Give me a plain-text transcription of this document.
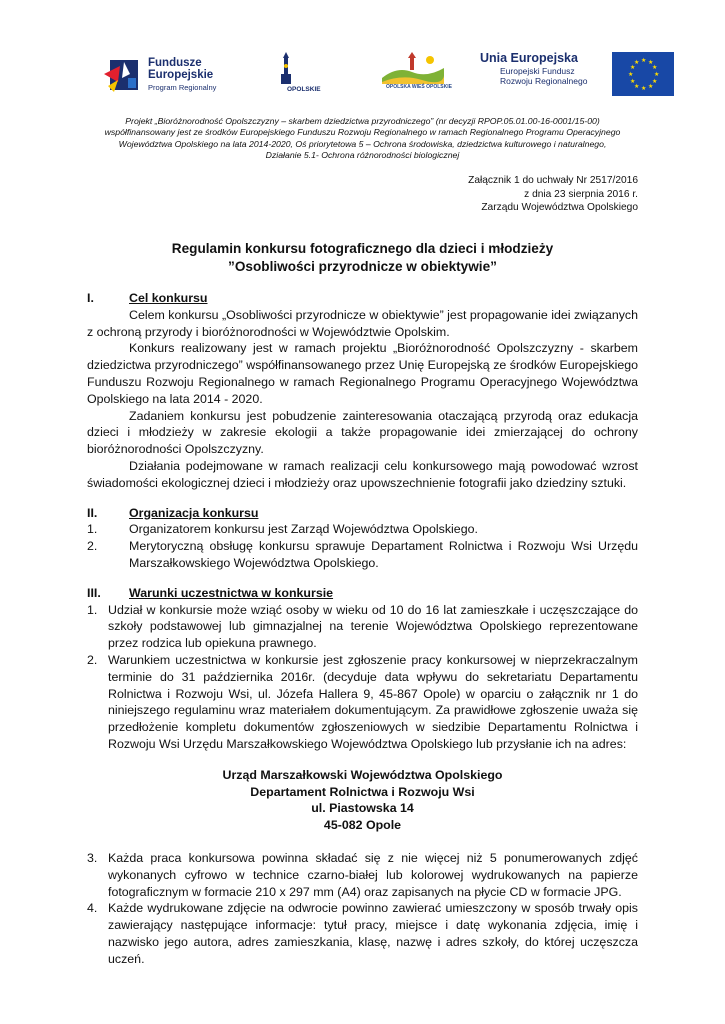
Fundusze
Europejskie
Program Regionalny	OPOLSKIE	OPOLSKA WIEŚ OPOLSKIE
Unia Europejska
Europejski Fundusz
Rozwoju Regionalnego
★ ★
★
★
★
★
★
★
★
★
★
★
Projekt „Bioróżnorodność Opolszczyzny – skarbem dziedzictwa przyrodniczego” (nr decyzji RPOP.05.01.00-16-0001/15-00)
współfinansowany jest ze środków Europejskiego Funduszu Rozwoju Regionalnego w ramach Regionalnego Programu Operacyjnego
Województwa Opolskiego na lata 2014-2020, Oś priorytetowa 5 – Ochrona środowiska, dziedzictwa kulturowego i naturalnego,
Działanie 5.1- Ochrona różnorodności biologicznej
Załącznik 1 do uchwały Nr 2517/2016
z dnia 23 sierpnia 2016 r.
Zarządu Województwa Opolskiego
Regulamin konkursu fotograficznego dla dzieci i młodzieży
”Osobliwości przyrodnicze w obiektywie”
I.	Cel konkursu

Celem konkursu „Osobliwości przyrodnicze w obiektywie” jest propagowanie idei związanych z ochroną przyrody i bioróżnorodności w Województwie Opolskim.

Konkurs realizowany jest w ramach projektu „Bioróżnorodność Opolszczyzny - skarbem dziedzictwa przyrodniczego” współfinansowanego przez Unię Europejską ze środków Europejskiego Funduszu Rozwoju Regionalnego w ramach Regionalnego Programu Operacyjnego Województwa Opolskiego na lata 2014 - 2020.

Zadaniem konkursu jest pobudzenie zainteresowania otaczającą przyrodą oraz edukacja dzieci i młodzieży w zakresie ekologii a także propagowanie idei zmierzającej do ochrony bioróżnorodności Opolszczyzny.

Działania podejmowane w ramach realizacji celu konkursowego mają powodować wzrost świadomości ekologicznej dzieci i młodzieży oraz upowszechnienie fotografii jako dziedziny sztuki.

II.	Organizacja konkursu
1.	Organizatorem konkursu jest Zarząd Województwa Opolskiego.
2.	Merytoryczną obsługę konkursu sprawuje Departament Rolnictwa i Rozwoju Wsi Urzędu Marszałkowskiego Województwa Opolskiego.
III.	Warunki uczestnictwa w konkursie
1. Udział w konkursie może wziąć osoby w wieku od 10 do 16 lat zamieszkałe i uczęszczające do szkoły podstawowej lub gimnazjalnej na terenie Województwa Opolskiego reprezentowane przez rodzica lub opiekuna prawnego.
2. Warunkiem uczestnictwa w konkursie jest zgłoszenie pracy konkursowej w nieprzekraczalnym terminie do 31 października 2016r. (decyduje data wpływu do sekretariatu Departamentu Rolnictwa i Rozwoju Wsi, ul. Józefa Hallera 9, 45-867 Opole) w oparciu o załącznik nr 1 do niniejszego regulaminu wraz materiałem dokumentującym. Za prawidłowe zgłoszenie uważa się przedłożenie kompletu dokumentów zgłoszeniowych w siedzibie Departamentu Rolnictwa i Rozwoju Wsi Urzędu Marszałkowskiego Województwa Opolskiego lub przysłanie ich na adres:
Urząd Marszałkowski Województwa Opolskiego
Departament Rolnictwa i Rozwoju Wsi
ul. Piastowska 14
45-082 Opole
3. Każda praca konkursowa powinna składać się z nie więcej niż 5 ponumerowanych zdjęć wykonanych cyfrowo w technice czarno-białej lub kolorowej wydrukowanych na papierze fotograficznym w formacie 210 x 297 mm (A4) oraz zapisanych na płycie CD w formacie JPG.
4. Każde wydrukowane zdjęcie na odwrocie powinno zawierać umieszczony w sposób trwały opis zawierający następujące informacje: tytuł pracy, miejsce i datę wykonania zdjęcia, imię i nazwisko jego autora, adres zamieszkania, klasę, nazwę i adres szkoły, do której uczęszcza uczeń.
